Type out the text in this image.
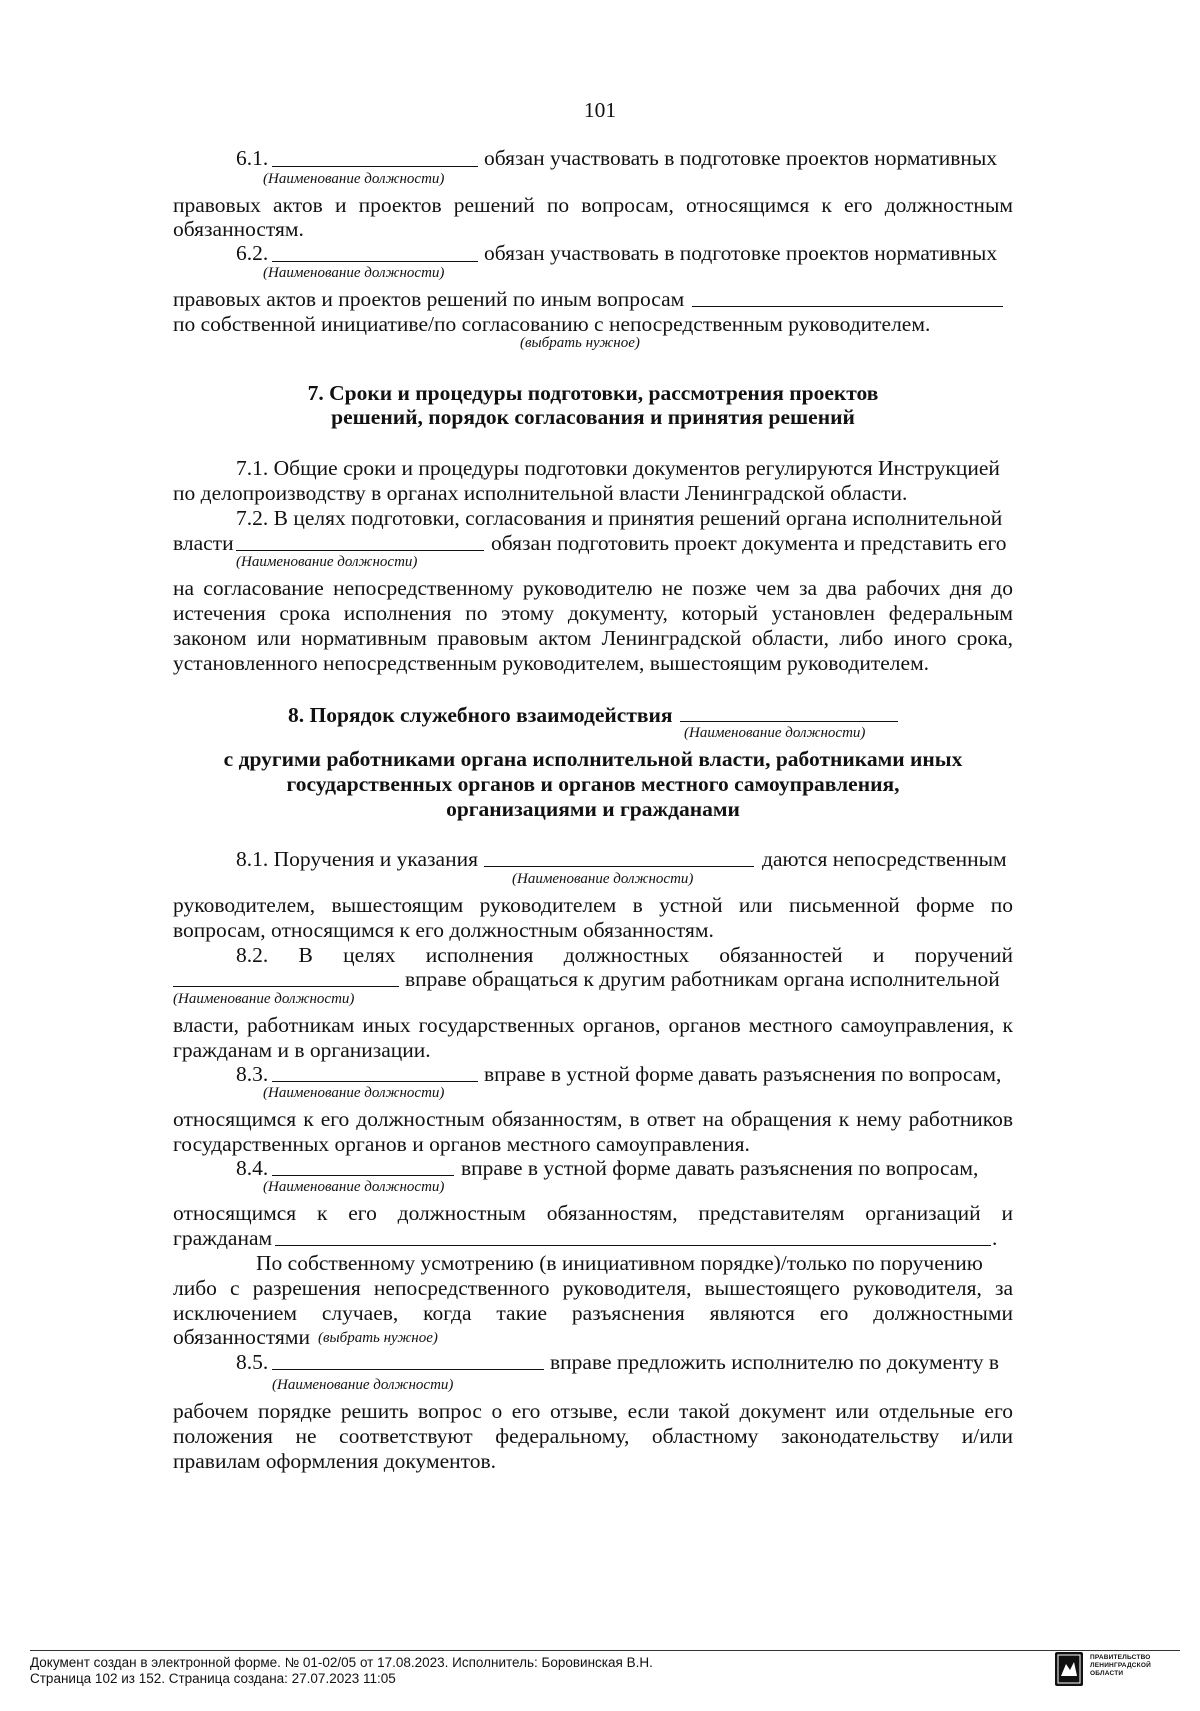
101
6.1.	обязан участвовать в подготовке проектов нормативных
(Наименование должности)
правовых актов и проектов решений по вопросам, относящимся к его должностным
обязанностям.
6.2.	обязан участвовать в подготовке проектов нормативных
(Наименование должности)
правовых актов и проектов решений по иным вопросам
по собственной инициативе/по согласованию с непосредственным руководителем.
(выбрать нужное)
7. Сроки и процедуры подготовки, рассмотрения проектов
решений, порядок согласования и принятия решений
7.1. Общие сроки и процедуры подготовки документов регулируются Инструкцией
по делопроизводству в органах исполнительной власти Ленинградской области.
7.2. В целях подготовки, согласования и принятия решений органа исполнительной
власти	обязан подготовить проект документа и представить его
(Наименование должности)
на согласование непосредственному руководителю не позже чем за два рабочих дня до
истечения срока исполнения по этому документу, который установлен федеральным
законом или нормативным правовым актом Ленинградской области, либо иного срока,
установленного непосредственным руководителем, вышестоящим руководителем.
8. Порядок служебного взаимодействия
(Наименование должности)
с другими работниками органа исполнительной власти, работниками иных
государственных органов и органов местного самоуправления,
организациями и гражданами
8.1. Поручения и указания	даются непосредственным
(Наименование должности)
руководителем, вышестоящим руководителем в устной или письменной форме по
вопросам, относящимся к его должностным обязанностям.
8.2. В целях исполнения должностных обязанностей и поручений
вправе обращаться к другим работникам органа исполнительной
(Наименование должности)
власти, работникам иных государственных органов, органов местного самоуправления, к
гражданам и в организации.
8.3.	вправе в устной форме давать разъяснения по вопросам,
(Наименование должности)
относящимся к его должностным обязанностям, в ответ на обращения к нему работников
государственных органов и органов местного самоуправления.
8.4.	вправе в устной форме давать разъяснения по вопросам,
(Наименование должности)
относящимся к его должностным обязанностям, представителям организаций и
гражданам	.
По собственному усмотрению (в инициативном порядке)/только по поручению
либо с разрешения непосредственного руководителя, вышестоящего руководителя, за
исключением случаев, когда такие разъяснения являются его должностными
обязанностями (выбрать нужное)
8.5.	вправе предложить исполнителю по документу в
(Наименование должности)
рабочем порядке решить вопрос о его отзыве, если такой документ или отдельные его
положения не соответствуют федеральному, областному законодательству и/или
правилам оформления документов.
Документ создан в электронной форме. № 01-02/05 от 17.08.2023. Исполнитель: Боровинская В.Н.
Страница 102 из 152. Страница создана: 27.07.2023 11:05
ПРАВИТЕЛЬСТВО ЛЕНИНГРАДСКОЙ ОБЛАСТИ
